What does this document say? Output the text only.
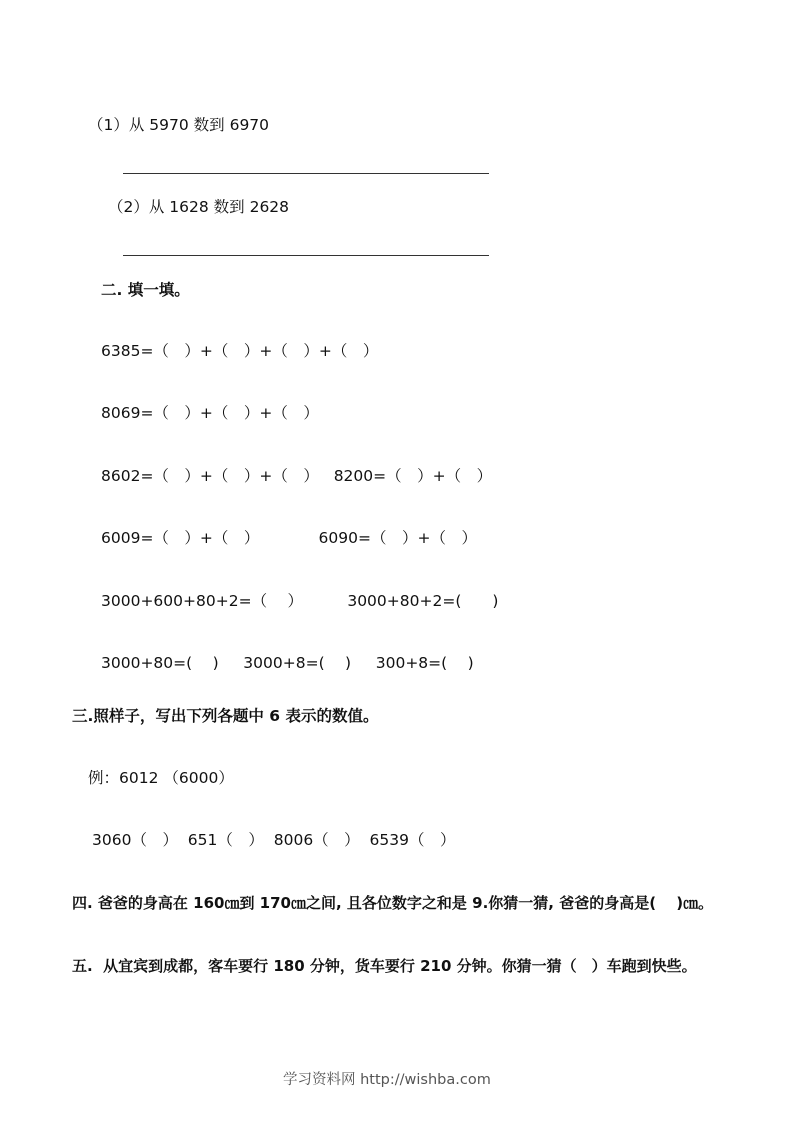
（1）从 5970 数到 6970
（2）从 1628 数到 2628
二. 填一填。
6385=（　）+（　）+（　）+（　）
8069=（　）+（　）+（　）
8602=（　）+（　）+（　）   8200=（　）+（　）
6009=（　）+（　）            6090=（　）+（　）
3000+600+80+2=（　 ）         3000+80+2=(　　)
3000+80=(　 )     3000+8=(　 )     300+8=(　 )
三.照样子，写出下列各题中 6 表示的数值。
例：6012 （6000）
3060（　）  651（　）  8006（　）  6539（　）
四. 爸爸的身高在 160㎝到 170㎝之间, 且各位数字之和是 9.你猜一猜, 爸爸的身高是(　 )㎝。
五.  从宜宾到成都，客车要行 180 分钟，货车要行 210 分钟。你猜一猜（　）车跑到快些。
学习资料网 http://wishba.com
